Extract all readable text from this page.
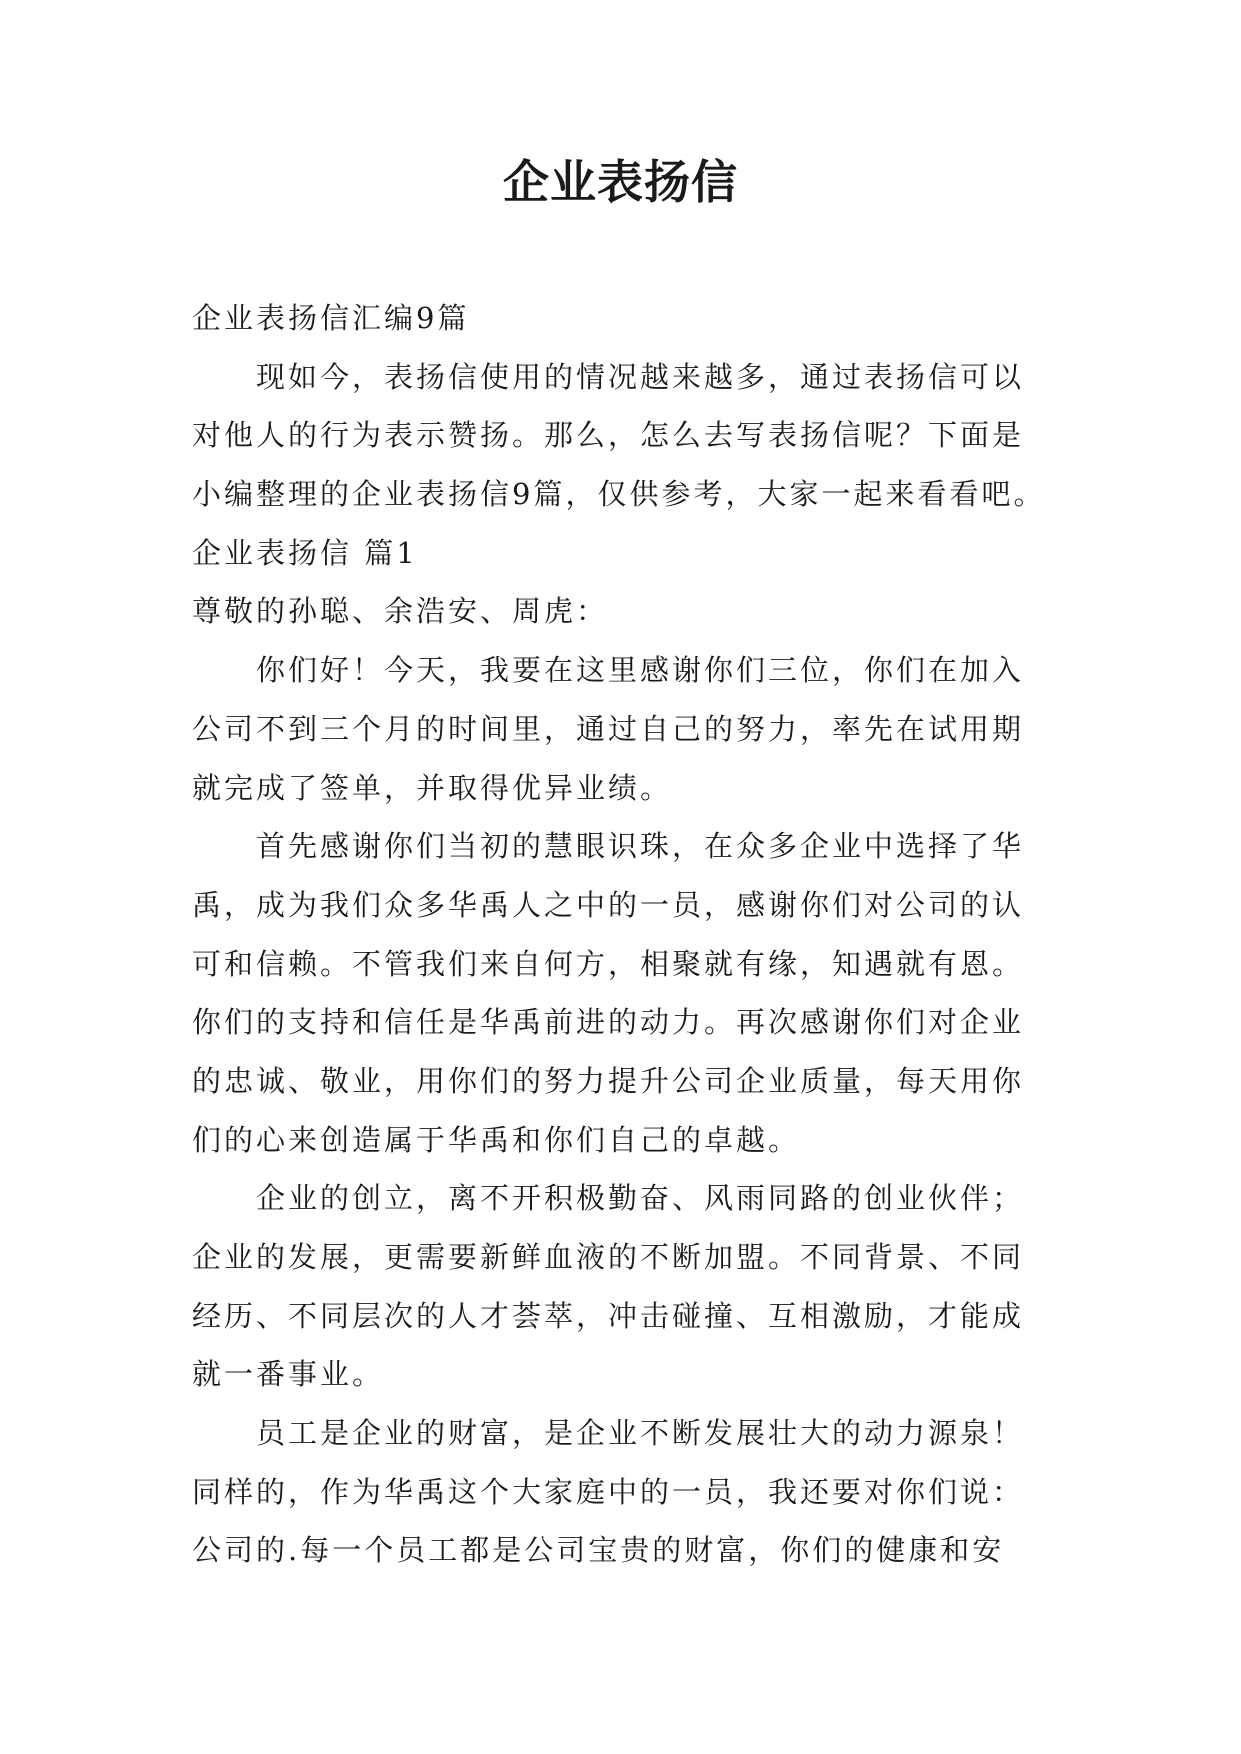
企业表扬信
企业表扬信汇编9篇
现如今，表扬信使用的情况越来越多，通过表扬信可以
对他人的行为表示赞扬。那么，怎么去写表扬信呢？下面是
小编整理的企业表扬信9篇，仅供参考，大家一起来看看吧。
企业表扬信 篇1
尊敬的孙聪、余浩安、周虎：
你们好！今天，我要在这里感谢你们三位，你们在加入
公司不到三个月的时间里，通过自己的努力，率先在试用期
就完成了签单，并取得优异业绩。
首先感谢你们当初的慧眼识珠，在众多企业中选择了华
禹，成为我们众多华禹人之中的一员，感谢你们对公司的认
可和信赖。不管我们来自何方，相聚就有缘，知遇就有恩。
你们的支持和信任是华禹前进的动力。再次感谢你们对企业
的忠诚、敬业，用你们的努力提升公司企业质量，每天用你
们的心来创造属于华禹和你们自己的卓越。
企业的创立，离不开积极勤奋、风雨同路的创业伙伴；
企业的发展，更需要新鲜血液的不断加盟。不同背景、不同
经历、不同层次的人才荟萃，冲击碰撞、互相激励，才能成
就一番事业。
员工是企业的财富，是企业不断发展壮大的动力源泉！
同样的，作为华禹这个大家庭中的一员，我还要对你们说：
公司的.每一个员工都是公司宝贵的财富，你们的健康和安
